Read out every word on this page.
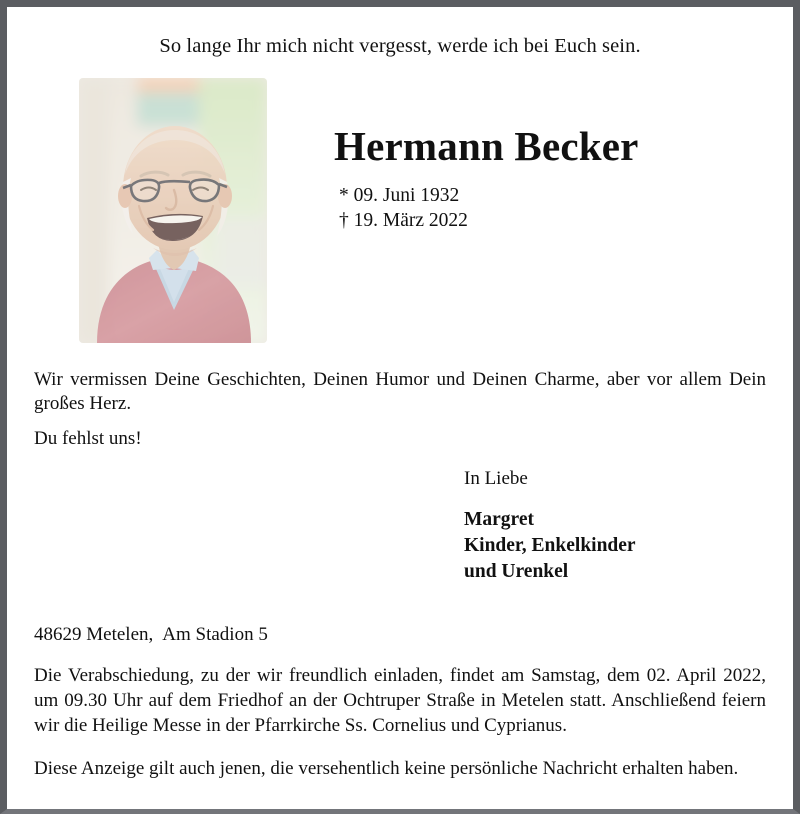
So lange Ihr mich nicht vergesst, werde ich bei Euch sein.
Hermann Becker
* 09. Juni 1932
† 19. März 2022
Wir vermissen Deine Geschichten, Deinen Humor und Deinen Charme, aber vor allem Dein großes Herz.
Du fehlst uns!
In Liebe
Margret
Kinder, Enkelkinder
und Urenkel
48629 Metelen, Am Stadion 5
Die Verabschiedung, zu der wir freundlich einladen, findet am Samstag, dem 02. April 2022, um 09.30 Uhr auf dem Friedhof an der Ochtruper Straße in Metelen statt. Anschließend feiern wir die Heilige Messe in der Pfarrkirche Ss. Cornelius und Cyprianus.
Diese Anzeige gilt auch jenen, die versehentlich keine persönliche Nachricht erhalten haben.
